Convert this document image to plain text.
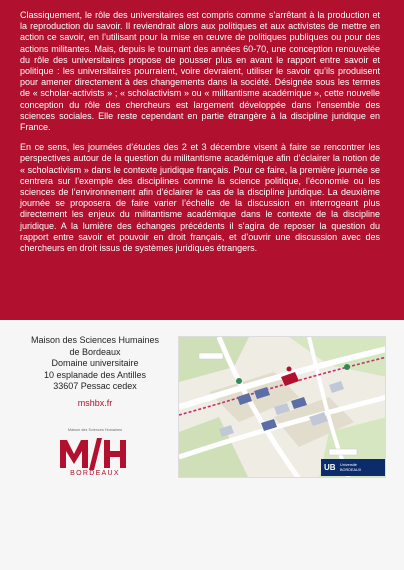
Classiquement, le rôle des universitaires est compris comme s’arrêtant à la production et la reproduction du savoir. Il reviendrait alors aux politiques et aux activistes de mettre en action ce savoir, en l’utilisant pour la mise en œuvre de politiques publiques ou pour des actions militantes. Mais, depuis le tournant des années 60-70, une conception renouvelée du rôle des universitaires propose de pousser plus en avant le rapport entre savoir et politique : les universitaires pourraient, voire devraient, utiliser le savoir qu’ils produisent pour amener directement à des changements dans la société. Désignée sous les termes de « scholar-activists » ; « scholactivism » ou « militantisme académique », cette nouvelle conception du rôle des chercheurs est largement développée dans l’ensemble des sciences sociales. Elle reste cependant en partie étrangère à la discipline juridique en France.

En ce sens, les journées d’études des 2 et 3 décembre visent à faire se rencontrer les perspectives autour de la question du militantisme académique afin d’éclairer la notion de « scholactivism » dans le contexte juridique français. Pour ce faire, la première journée se centrera sur l’exemple des disciplines comme la science politique, l’économie ou les sciences de l’environnement afin d’éclairer le cas de la discipline juridique. La deuxième journée se proposera de faire varier l’échelle de la discussion en interrogeant plus directement les enjeux du militantisme académique dans le contexte de la discipline juridique. A la lumière des échanges précédents il s’agira de reposer la question du rapport entre savoir et pouvoir en droit français, et d’ouvrir une discussion avec des chercheurs en droit issus de systèmes juridiques étrangers.

Maison des Sciences Humaines
de Bordeaux
Domaine universitaire
10 esplanade des Antilles
33607 Pessac cedex
mshbx.fr
Maison des Sciences Humaines
BORDEAUX
UB Université
BORDEAUX
